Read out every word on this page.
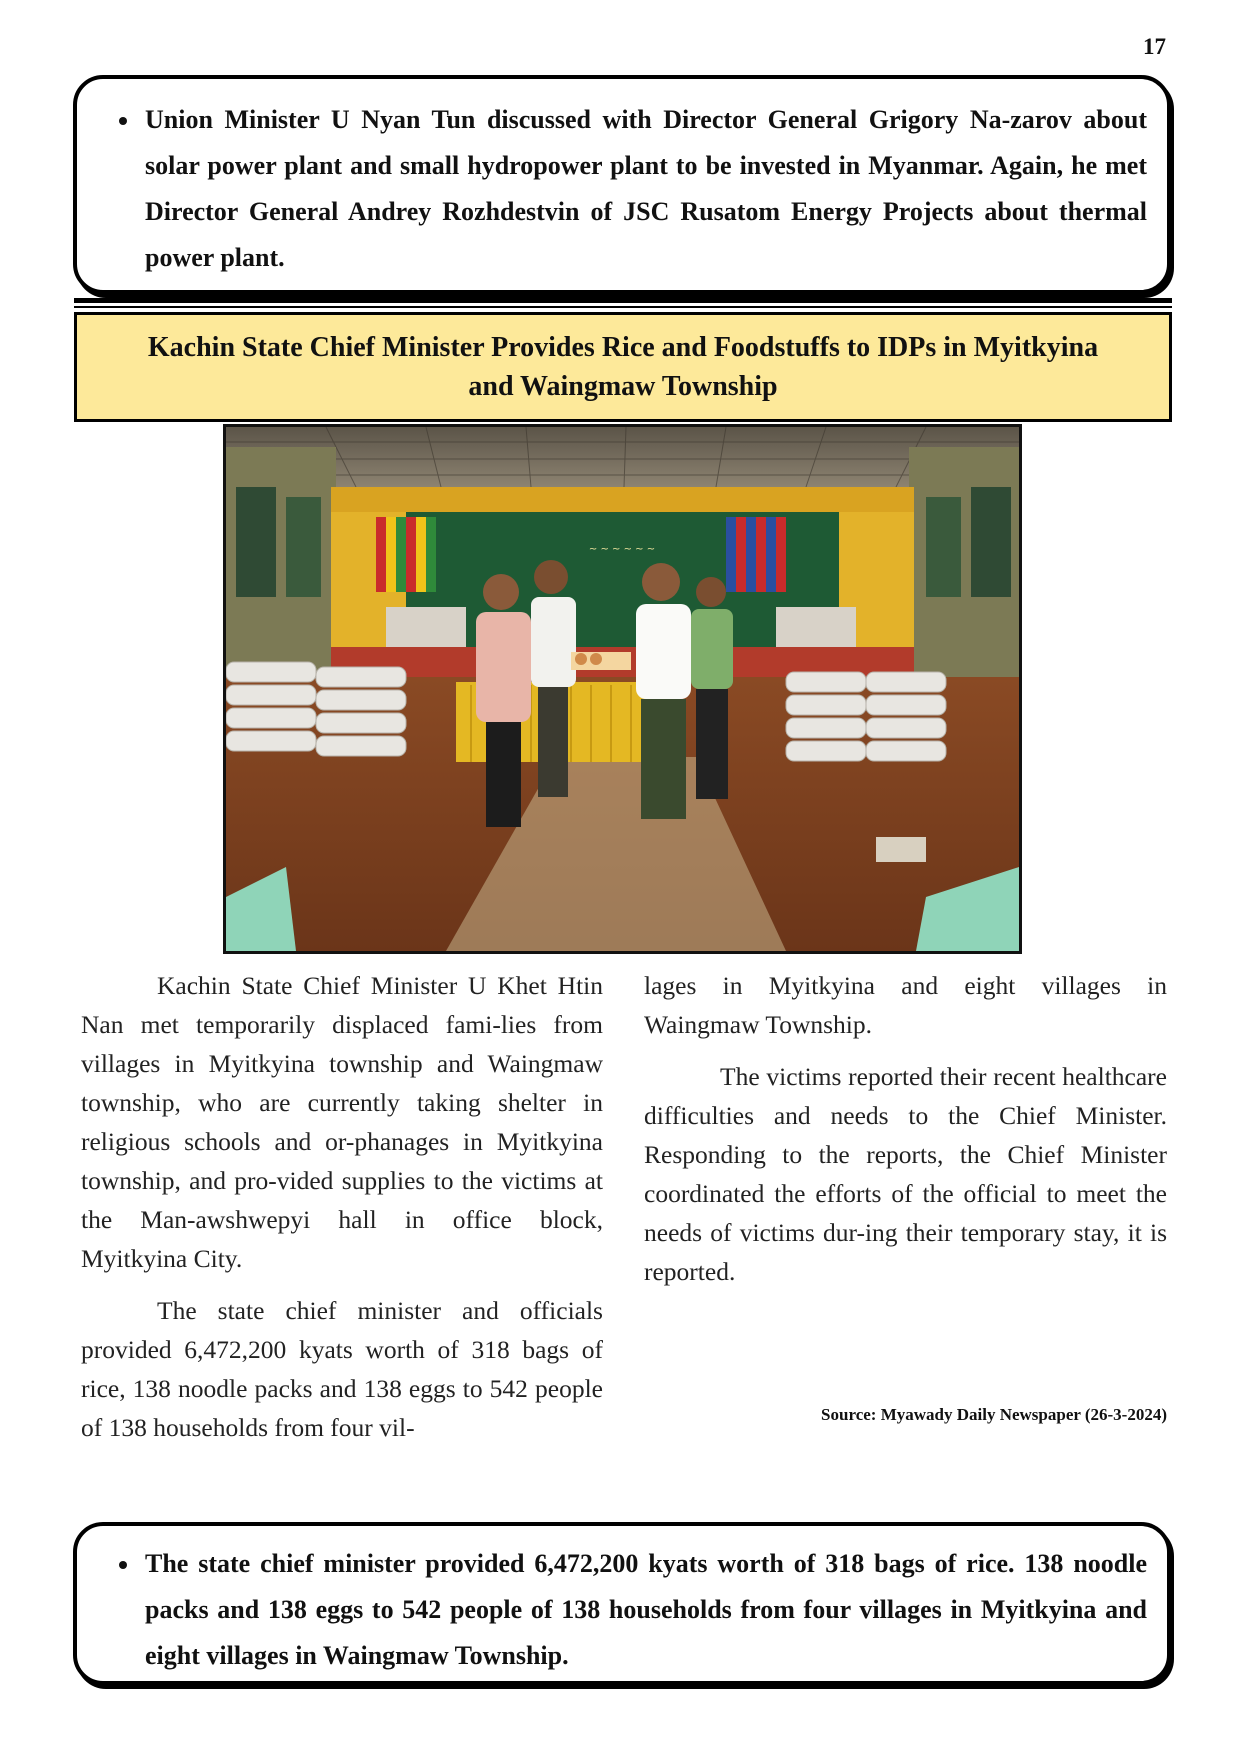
17
• Union Minister U Nyan Tun discussed with Director General Grigory Na-zarov about solar power plant and small hydropower plant to be invested in Myanmar. Again, he met Director General Andrey Rozhdestvin of JSC Rusatom Energy Projects about thermal power plant.
Kachin State Chief Minister Provides Rice and Foodstuffs to IDPs in Myitkyina
and Waingmaw Township
~ ~ ~ ~ ~ ~

Kachin State Chief Minister U Khet Htin Nan met temporarily displaced fami-lies from villages in Myitkyina township and Waingmaw township, who are currently taking shelter in religious schools and or-phanages in Myitkyina township, and pro-vided supplies to the victims at the Man-awshwepyi hall in office block, Myitkyina City.

The state chief minister and officials provided 6,472,200 kyats worth of 318 bags of rice, 138 noodle packs and 138 eggs to 542 people of 138 households from four vil-

lages in Myitkyina and eight villages in Waingmaw Township.

The victims reported their recent healthcare difficulties and needs to the Chief Minister. Responding to the reports, the Chief Minister coordinated the efforts of the official to meet the needs of victims dur-ing their temporary stay, it is reported.

Source: Myawady Daily Newspaper (26-3-2024)
• The state chief minister provided 6,472,200 kyats worth of 318 bags of rice. 138 noodle packs and 138 eggs to 542 people of 138 households from four villages in Myitkyina and eight villages in Waingmaw Township.
